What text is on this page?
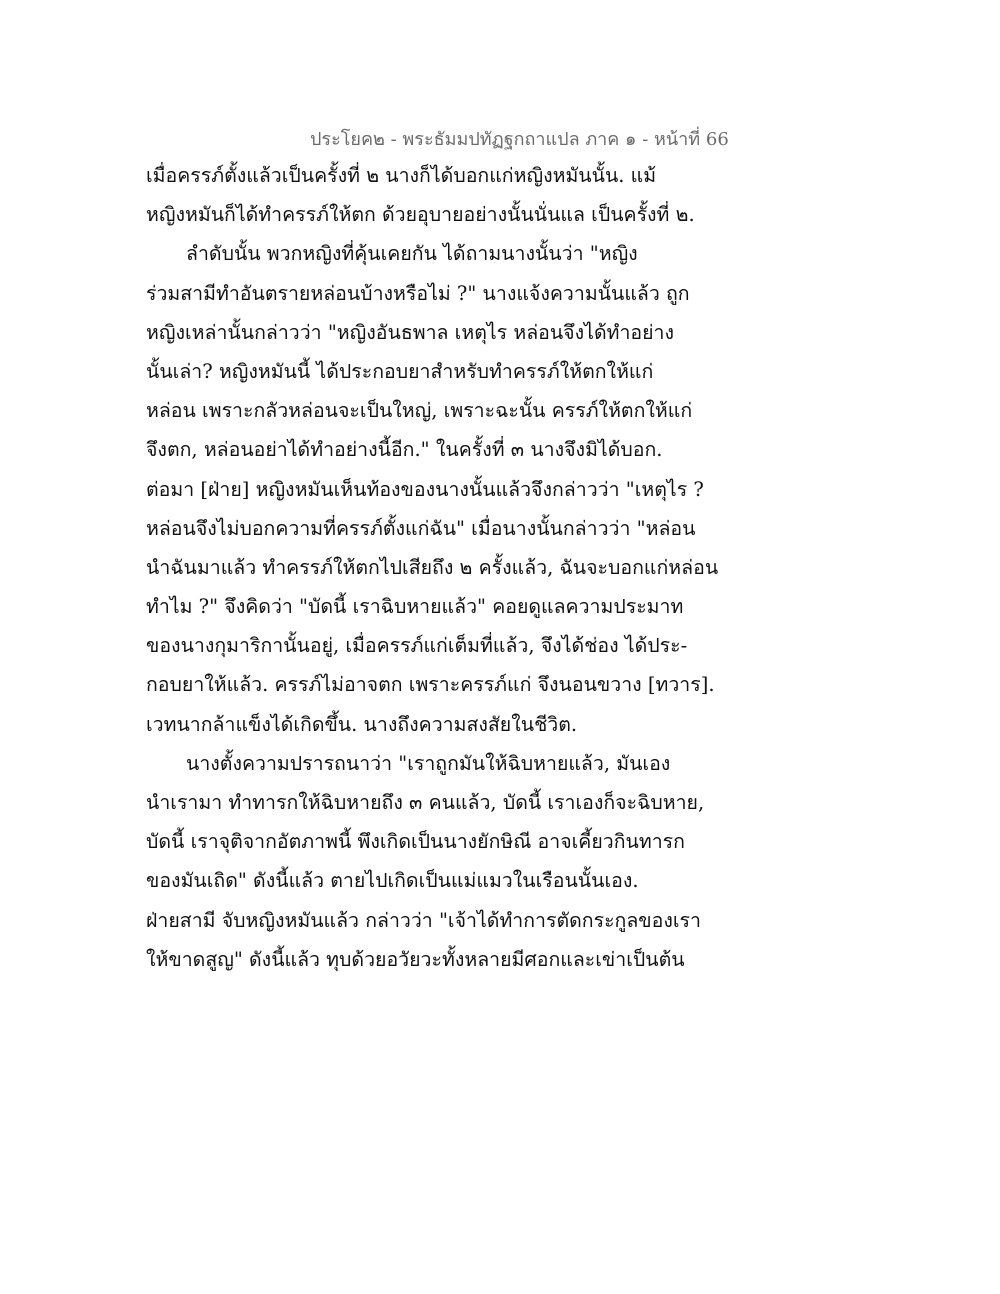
ประโยค๒ - พระธัมมปทัฏฐกถาแปล ภาค ๑ - หน้าที่ 66
เมื่อครรภ์ตั้งแล้วเป็นครั้งที่ ๒ นางก็ได้บอกแก่หญิงหมันนั้น. แม้
หญิงหมันก็ได้ทำครรภ์ให้ตก ด้วยอุบายอย่างนั้นนั่นแล เป็นครั้งที่ ๒.
ลำดับนั้น พวกหญิงที่คุ้นเคยกัน ได้ถามนางนั้นว่า "หญิง
ร่วมสามีทำอันตรายหล่อนบ้างหรือไม่ ?" นางแจ้งความนั้นแล้ว ถูก
หญิงเหล่านั้นกล่าวว่า "หญิงอันธพาล เหตุไร หล่อนจึงได้ทำอย่าง
นั้นเล่า? หญิงหมันนี้ ได้ประกอบยาสำหรับทำครรภ์ให้ตกให้แก่
หล่อน เพราะกลัวหล่อนจะเป็นใหญ่, เพราะฉะนั้น ครรภ์ให้ตกให้แก่
จึงตก, หล่อนอย่าได้ทำอย่างนี้อีก." ในครั้งที่ ๓ นางจึงมิได้บอก.
ต่อมา [ฝ่าย] หญิงหมันเห็นท้องของนางนั้นแล้วจึงกล่าวว่า "เหตุไร ?
หล่อนจึงไม่บอกความที่ครรภ์ตั้งแก่ฉัน" เมื่อนางนั้นกล่าวว่า "หล่อน
นำฉันมาแล้ว ทำครรภ์ให้ตกไปเสียถึง ๒ ครั้งแล้ว, ฉันจะบอกแก่หล่อน
ทำไม ?" จึงคิดว่า "บัดนี้ เราฉิบหายแล้ว" คอยดูแลความประมาท
ของนางกุมาริกานั้นอยู่, เมื่อครรภ์แก่เต็มที่แล้ว, จึงได้ช่อง ได้ประ-
กอบยาให้แล้ว. ครรภ์ไม่อาจตก เพราะครรภ์แก่ จึงนอนขวาง [ทวาร].
เวทนากล้าแข็งได้เกิดขึ้น. นางถึงความสงสัยในชีวิต.
นางตั้งความปรารถนาว่า "เราถูกมันให้ฉิบหายแล้ว, มันเอง
นำเรามา ทำทารกให้ฉิบหายถึง ๓ คนแล้ว, บัดนี้ เราเองก็จะฉิบหาย,
บัดนี้ เราจุติจากอัตภาพนี้ พึงเกิดเป็นนางยักษิณี อาจเคี้ยวกินทารก
ของมันเถิด" ดังนี้แล้ว ตายไปเกิดเป็นแม่แมวในเรือนนั้นเอง.
ฝ่ายสามี จับหญิงหมันแล้ว กล่าวว่า "เจ้าได้ทำการตัดกระกูลของเรา
ให้ขาดสูญ" ดังนี้แล้ว ทุบด้วยอวัยวะทั้งหลายมีศอกและเข่าเป็นต้น
